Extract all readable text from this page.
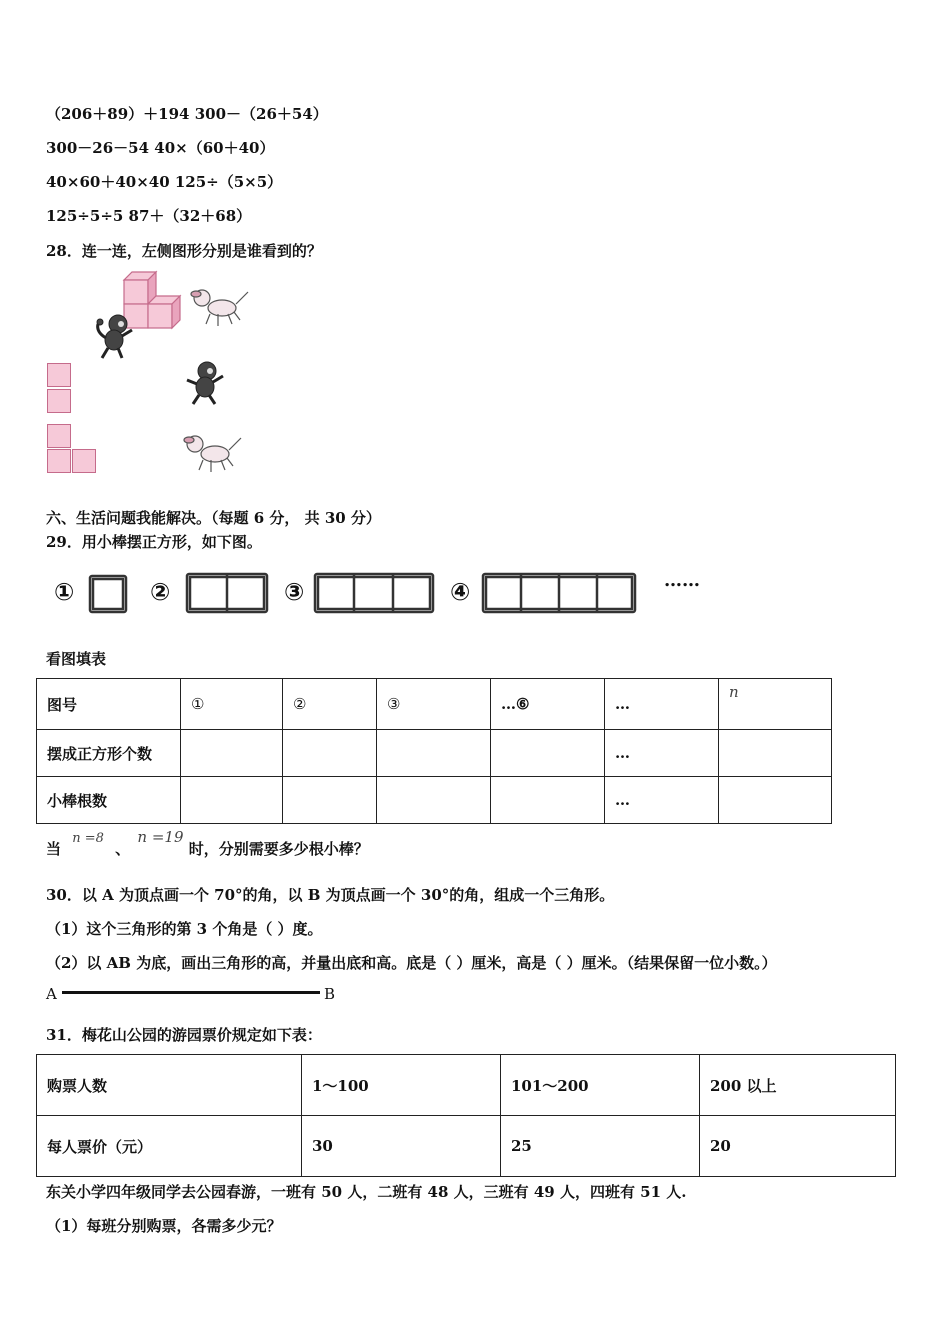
（206＋89）＋194 300－（26＋54）
300－26－54 40×（60＋40）
40×60＋40×40 125÷（5×5）
125÷5÷5 87＋（32＋68）
28．连一连，左侧图形分别是谁看到的？
六、生活问题我能解决。（每题 6 分， 共 30 分）
29．用小棒摆正方形，如下图。
①	②	③	④	……
看图填表
图号	①	②	③	…⑥	…	n
摆成正方形个数					…	
小棒根数					…	
当 n =8 、 n =19 时，分别需要多少根小棒？
30．以 A 为顶点画一个 70°的角，以 B 为顶点画一个 30°的角，组成一个三角形。
（1）这个三角形的第 3 个角是（ ）度。
（2）以 AB 为底，画出三角形的高，并量出底和高。底是（ ）厘米，高是（ ）厘米。（结果保留一位小数。）
A	B
31．梅花山公园的游园票价规定如下表：
购票人数	1～100	101～200	200 以上
每人票价（元）	30	25	20
东关小学四年级同学去公园春游，一班有 50 人，二班有 48 人，三班有 49 人，四班有 51 人.
（1）每班分别购票，各需多少元？
